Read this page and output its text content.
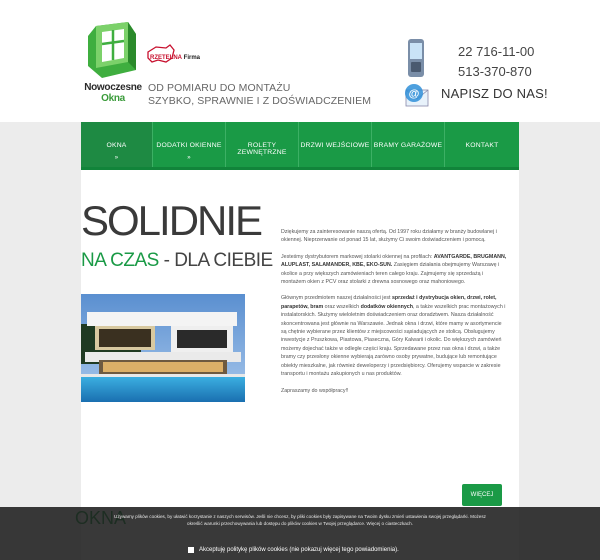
Nowoczesne
Okna
RZETELNA Firma
OD POMIARU DO MONTAŻU
SZYBKO, SPRAWNIE I Z DOŚWIADCZENIEM
@
22 716-11-00
513-370-870
NAPISZ DO NAS!
OKNA
»
DODATKI OKIENNE
»
ROLETY ZEWNĘTRZNE
DRZWI WEJŚCIOWE BRAMY GARAŻOWE	KONTAKT
SOLIDNIE
NA CZAS - DLA CIEBIE

Dziękujemy za zainteresowanie naszą ofertą. Od 1997 roku działamy w branży budowlanej i okiennej. Nieprzerwanie od ponad 15 lat, służymy Ci swoim doświadczeniem i pomocą.

Jesteśmy dystrybutorem markowej stolarki okiennej na profilach: AVANTGARDE, BRUGMANN, ALUPLAST, SALAMANDER, KBE, EKO-SUN. Zasięgiem działania obejmujemy Warszawę i okolice a przy większych zamówieniach teren całego kraju. Zajmujemy się sprzedażą i montażem okien z PCV oraz stolarki z drewna sosnowego oraz mahoniowego.

Głównym przedmiotem naszej działalności jest sprzedaż i dystrybucja okien, drzwi, rolet, parapetów, bram oraz wszelkich dodatków okiennych, a także wszelkich prac montażowych i instalatorskich. Służymy wieloletnim doświadczeniem oraz doradztwem. Nasza działalność skoncentrowana jest głównie na Warszawie. Jednak okna i drzwi, które mamy w asortymencie są chętnie wybierane przez klientów z miejscowości sąsiadujących ze stolicą. Obsługujemy inwestycje z Pruszkowa, Piastowa, Piaseczna, Góry Kalwarii i okolic. Do większych zamówień możemy dojechać także w odległe części kraju. Sprzedawane przez nas okna i drzwi, a także bramy czy przesłony okienne wybierają zarówno osoby prywatne, budujące lub remontujące obiekty mieszkalne, jak również deweloperzy i przedsiębiorcy. Oferujemy wsparcie w zakresie transportu i montażu zakupionych u nas produktów.

Zapraszamy do współpracy!!

WIĘCEJ
Używamy plików cookies, by ułatwić korzystanie z naszych serwisów. Jeśli nie chcesz, by pliki cookies były zapisywane na Twoim dysku zmień ustawienia swojej przeglądarki. Możesz określić warunki przechowywania lub dostępu do plików cookies w Twojej przeglądarce. Więcej o ciasteczkach.
Akceptuję politykę plików cookies (nie pokazuj więcej tego powiadomienia).
